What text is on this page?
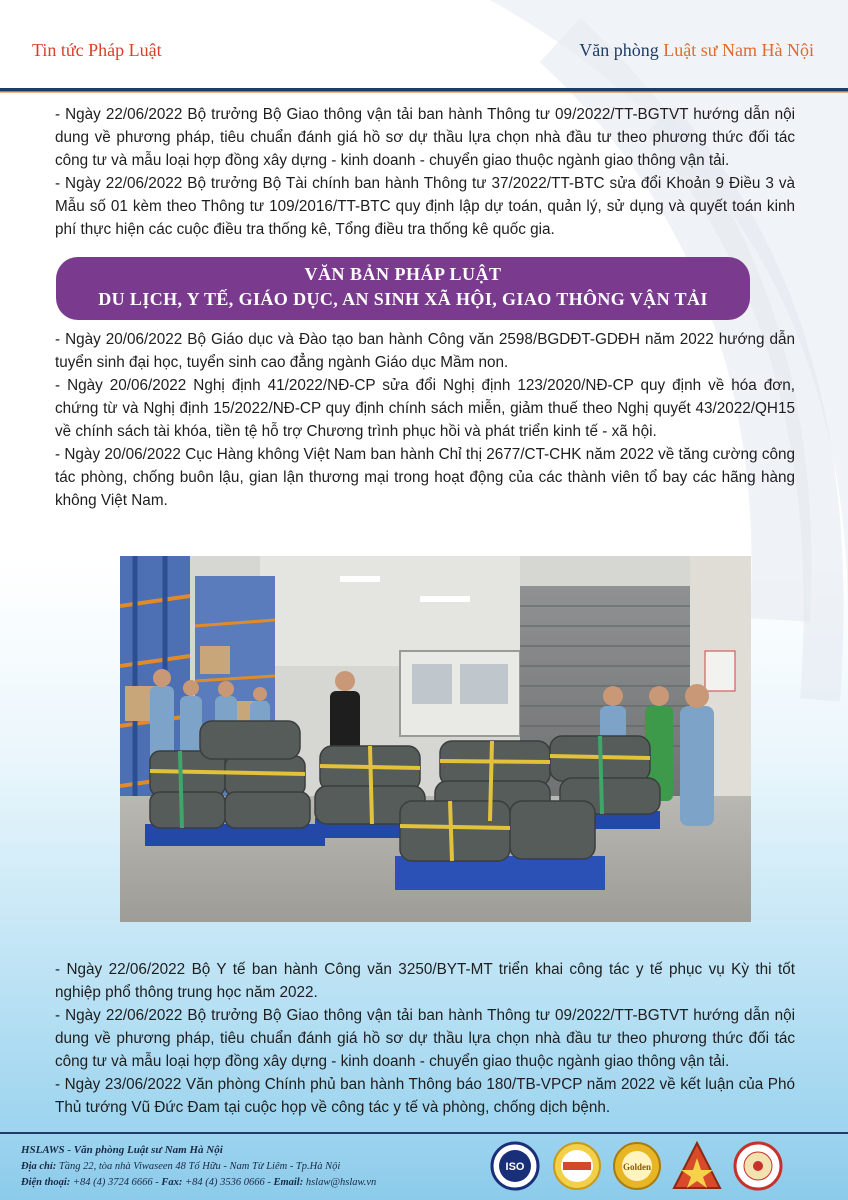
Tin tức Pháp Luật	Văn phòng Luật sư Nam Hà Nội

- Ngày 22/06/2022 Bộ trưởng Bộ Giao thông vận tải ban hành Thông tư 09/2022/TT-BGTVT hướng dẫn nội dung về phương pháp, tiêu chuẩn đánh giá hồ sơ dự thầu lựa chọn nhà đầu tư theo phương thức đối tác công tư và mẫu loại hợp đồng xây dựng - kinh doanh - chuyển giao thuộc ngành giao thông vận tải.

- Ngày 22/06/2022 Bộ trưởng Bộ Tài chính ban hành Thông tư 37/2022/TT-BTC sửa đổi Khoản 9 Điều 3 và Mẫu số 01 kèm theo Thông tư 109/2016/TT-BTC quy định lập dự toán, quản lý, sử dụng và quyết toán kinh phí thực hiện các cuộc điều tra thống kê, Tổng điều tra thống kê quốc gia.

VĂN BẢN PHÁP LUẬT
DU LỊCH, Y TẾ, GIÁO DỤC, AN SINH XÃ HỘI, GIAO THÔNG VẬN TẢI

- Ngày 20/06/2022 Bộ Giáo dục và Đào tạo ban hành Công văn 2598/BGDĐT-GDĐH năm 2022 hướng dẫn tuyển sinh đại học, tuyển sinh cao đẳng ngành Giáo dục Mầm non.

- Ngày 20/06/2022 Nghị định 41/2022/NĐ-CP sửa đổi Nghị định 123/2020/NĐ-CP quy định về hóa đơn, chứng từ và Nghị định 15/2022/NĐ-CP quy định chính sách miễn, giảm thuế theo Nghị quyết 43/2022/QH15 về chính sách tài khóa, tiền tệ hỗ trợ Chương trình phục hồi và phát triển kinh tế - xã hội.

- Ngày 20/06/2022 Cục Hàng không Việt Nam ban hành Chỉ thị 2677/CT-CHK năm 2022 về tăng cường công tác phòng, chống buôn lậu, gian lận thương mại trong hoạt động của các thành viên tổ bay các hãng hàng không Việt Nam.

- Ngày 22/06/2022 Bộ Y tế ban hành Công văn 3250/BYT-MT triển khai công tác y tế phục vụ Kỳ thi tốt nghiệp phổ thông trung học năm 2022.

- Ngày 22/06/2022 Bộ trưởng Bộ Giao thông vận tải ban hành Thông tư 09/2022/TT-BGTVT hướng dẫn nội dung về phương pháp, tiêu chuẩn đánh giá hồ sơ dự thầu lựa chọn nhà đầu tư theo phương thức đối tác công tư và mẫu loại hợp đồng xây dựng - kinh doanh - chuyển giao thuộc ngành giao thông vận tải.

- Ngày 23/06/2022 Văn phòng Chính phủ ban hành Thông báo 180/TB-VPCP năm 2022 về kết luận của Phó Thủ tướng Vũ Đức Đam tại cuộc họp về công tác y tế và phòng, chống dịch bệnh.

HSLAWS - Văn phòng Luật sư Nam Hà Nội
Địa chỉ: Tầng 22, tòa nhà Viwaseen 48 Tố Hữu - Nam Từ Liêm - Tp.Hà Nội
Điện thoại: +84 (4) 3724 6666 - Fax: +84 (4) 3536 0666 - Email: hslaw@hslaw.vn
ISO	Golden
